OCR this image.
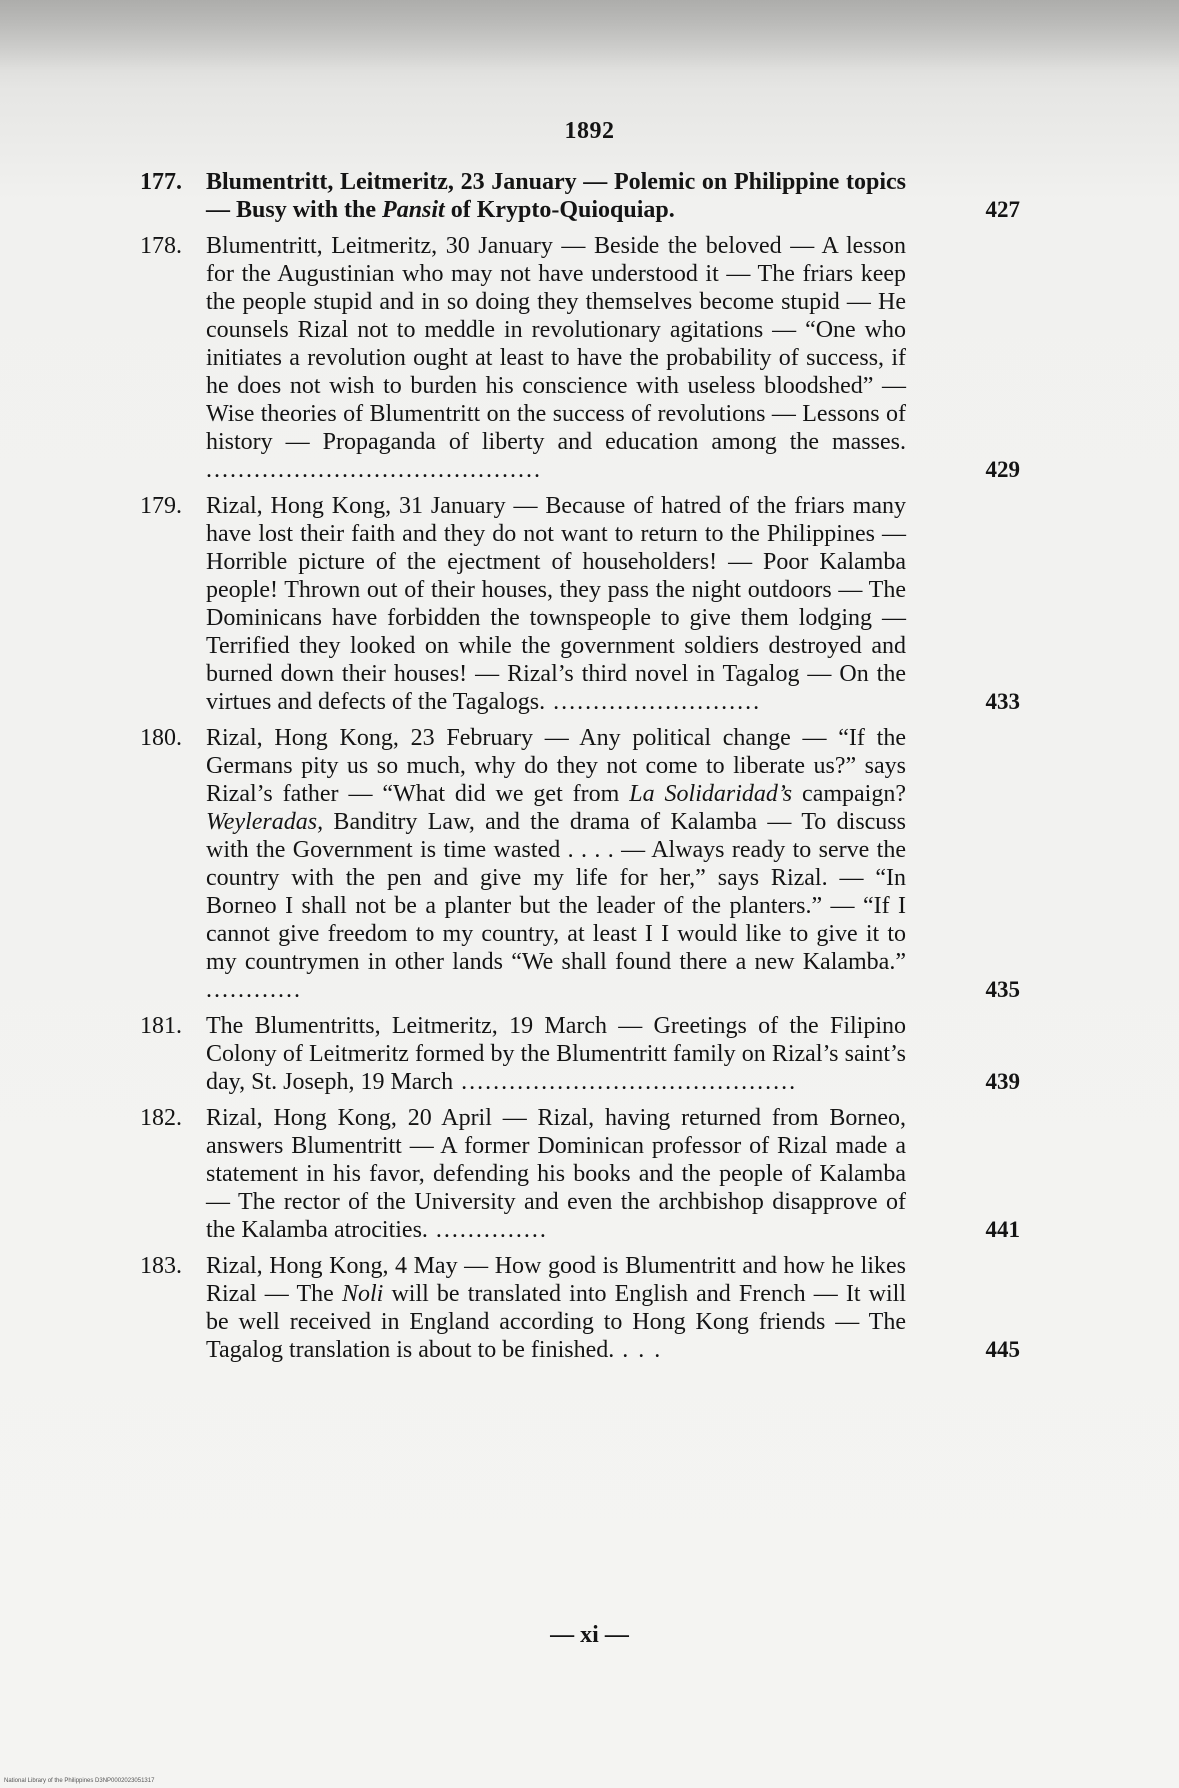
1892
177.	Blumentritt, Leitmeritz, 23 January — Polemic on Philippine topics — Busy with the Pansit of Krypto-Quioquiap.	427
178.	Blumentritt, Leitmeritz, 30 January — Beside the beloved — A lesson for the Augustinian who may not have understood it — The friars keep the people stupid and in so doing they themselves become stupid — He counsels Rizal not to meddle in revolutionary agitations — “One who initiates a revolution ought at least to have the probability of success, if he does not wish to burden his conscience with useless bloodshed” — Wise theories of Blumentritt on the success of revolutions — Lessons of history — Propaganda of liberty and education among the masses. ..........................................	429
179.	Rizal, Hong Kong, 31 January — Because of hatred of the friars many have lost their faith and they do not want to return to the Philippines — Horrible picture of the ejectment of householders! — Poor Kalamba people! Thrown out of their houses, they pass the night outdoors — The Dominicans have forbidden the townspeople to give them lodging — Terrified they looked on while the government soldiers destroyed and burned down their houses! — Rizal’s third novel in Tagalog — On the virtues and defects of the Tagalogs. ..........................	433
180.	Rizal, Hong Kong, 23 February — Any political change — “If the Germans pity us so much, why do they not come to liberate us?” says Rizal’s father — “What did we get from La Solidaridad’s campaign? Weyleradas, Banditry Law, and the drama of Kalamba — To discuss with the Government is time wasted . . . . — Always ready to serve the country with the pen and give my life for her,” says Rizal. — “In Borneo I shall not be a planter but the leader of the planters.” — “If I cannot give freedom to my country, at least I I would like to give it to my countrymen in other lands “We shall found there a new Kalamba.” ............	435
181.	The Blumentritts, Leitmeritz, 19 March — Greetings of the Filipino Colony of Leitmeritz formed by the Blumentritt family on Rizal’s saint’s day, St. Joseph, 19 March ..........................................	439
182.	Rizal, Hong Kong, 20 April — Rizal, having returned from Borneo, answers Blumentritt — A former Dominican professor of Rizal made a statement in his favor, defending his books and the people of Kalamba — The rector of the University and even the archbishop disapprove of the Kalamba atrocities. ..............	441
183.	Rizal, Hong Kong, 4 May — How good is Blumentritt and how he likes Rizal — The Noli will be translated into English and French — It will be well received in England according to Hong Kong friends — The Tagalog translation is about to be finished. . . .	445
— xi —
National Library of the Philippines D3NP0002023051317
